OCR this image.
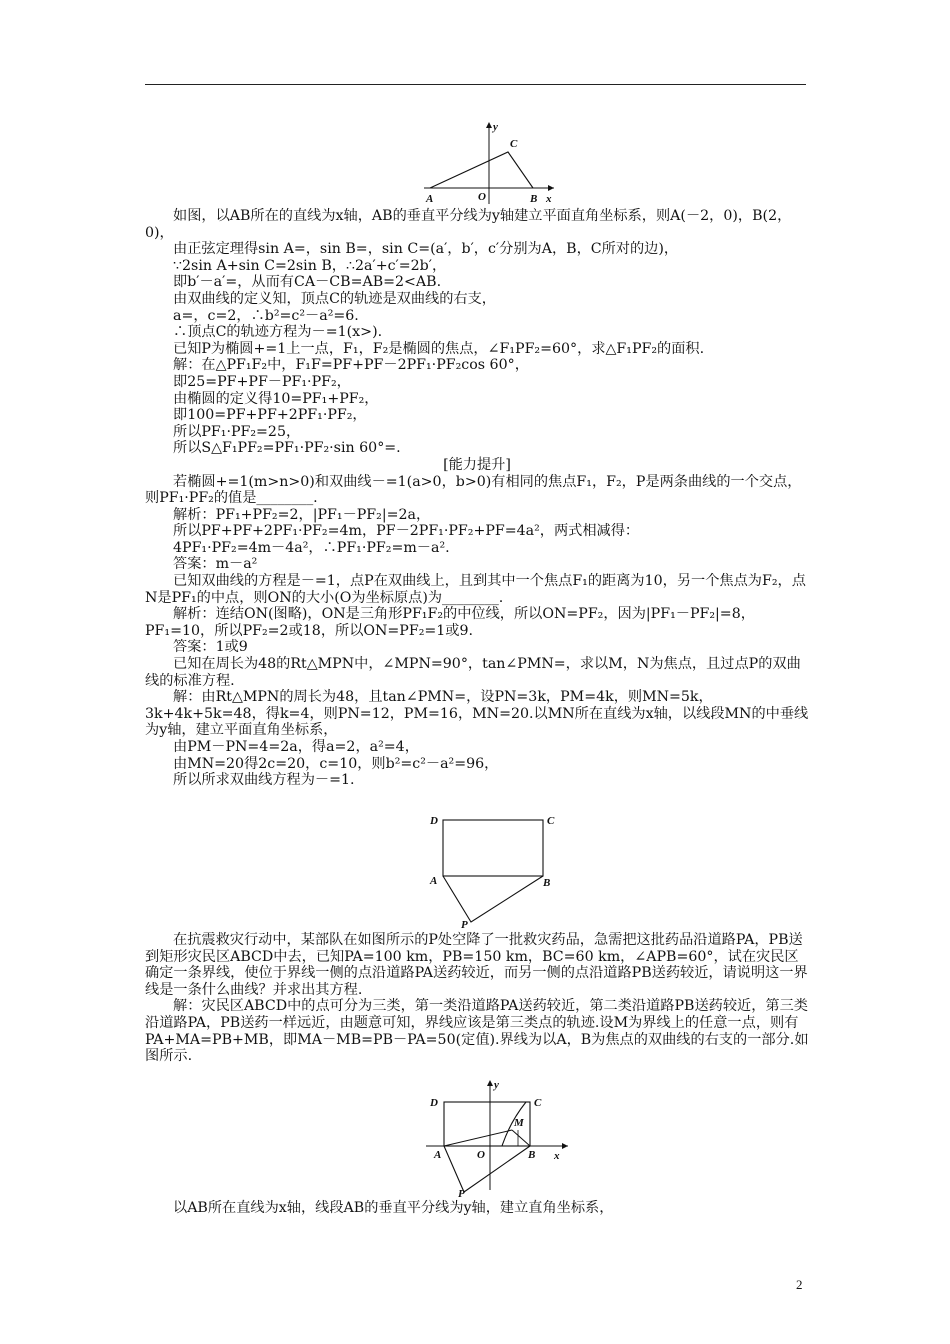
y
C
A	O	B x

如图，以AB所在的直线为x轴，AB的垂直平分线为y轴建立平面直角坐标系，则A(－2，0)，B(2，0)，

由正弦定理得sin A=，sin B=，sin C=(a′，b′，c′分别为A，B，C所对的边)，

∵2sin A+sin C=2sin B，∴2a′+c′=2b′，

即b′－a′=，从而有CA－CB=AB=2<AB.

由双曲线的定义知，顶点C的轨迹是双曲线的右支，

a=，c=2，∴b²=c²－a²=6.

∴顶点C的轨迹方程为－=1(x>).

已知P为椭圆+=1上一点，F₁，F₂是椭圆的焦点，∠F₁PF₂=60°，求△F₁PF₂的面积.

解：在△PF₁F₂中，F₁F=PF+PF－2PF₁·PF₂cos 60°，

即25=PF+PF－PF₁·PF₂，

由椭圆的定义得10=PF₁+PF₂，

即100=PF+PF+2PF₁·PF₂，

所以PF₁·PF₂=25，

所以S△F₁PF₂=PF₁·PF₂·sin 60°=.

[能力提升]

若椭圆+=1(m>n>0)和双曲线－=1(a>0，b>0)有相同的焦点F₁，F₂，P是两条曲线的一个交点，则PF₁·PF₂的值是________.

解析：PF₁+PF₂=2，|PF₁－PF₂|=2a，

所以PF+PF+2PF₁·PF₂=4m，PF－2PF₁·PF₂+PF=4a²，两式相减得：

4PF₁·PF₂=4m－4a²，∴PF₁·PF₂=m－a².

答案：m－a²

已知双曲线的方程是－=1，点P在双曲线上，且到其中一个焦点F₁的距离为10，另一个焦点为F₂，点N是PF₁的中点，则ON的大小(O为坐标原点)为________.

解析：连结ON(图略)，ON是三角形PF₁F₂的中位线，所以ON=PF₂，因为|PF₁－PF₂|=8，PF₁=10，所以PF₂=2或18，所以ON=PF₂=1或9.

答案：1或9

已知在周长为48的Rt△MPN中，∠MPN=90°，tan∠PMN=，求以M，N为焦点，且过点P的双曲线的标准方程.

解：由Rt△MPN的周长为48，且tan∠PMN=，设PN=3k，PM=4k，则MN=5k，3k+4k+5k=48，得k=4，则PN=12，PM=16，MN=20.以MN所在直线为x轴，以线段MN的中垂线为y轴，建立平面直角坐标系，

由PM－PN=4=2a，得a=2，a²=4，

由MN=20得2c=20，c=10，则b²=c²－a²=96，

所以所求双曲线方程为－=1.

D	C
A	B
P

在抗震救灾行动中，某部队在如图所示的P处空降了一批救灾药品，急需把这批药品沿道路PA，PB送到矩形灾民区ABCD中去，已知PA=100 km，PB=150 km，BC=60 km，∠APB=60°，试在灾民区确定一条界线，使位于界线一侧的点沿道路PA送药较近，而另一侧的点沿道路PB送药较近，请说明这一界线是一条什么曲线？并求出其方程.

解：灾民区ABCD中的点可分为三类，第一类沿道路PA送药较近，第二类沿道路PB送药较近，第三类沿道路PA，PB送药一样远近，由题意可知，界线应该是第三类点的轨迹.设M为界线上的任意一点，则有PA+MA=PB+MB，即MA－MB=PB－PA=50(定值).界线为以A，B为焦点的双曲线的右支的一部分.如图所示.

y
D	C
M
A	O	B x
P

以AB所在直线为x轴，线段AB的垂直平分线为y轴，建立直角坐标系，

2
